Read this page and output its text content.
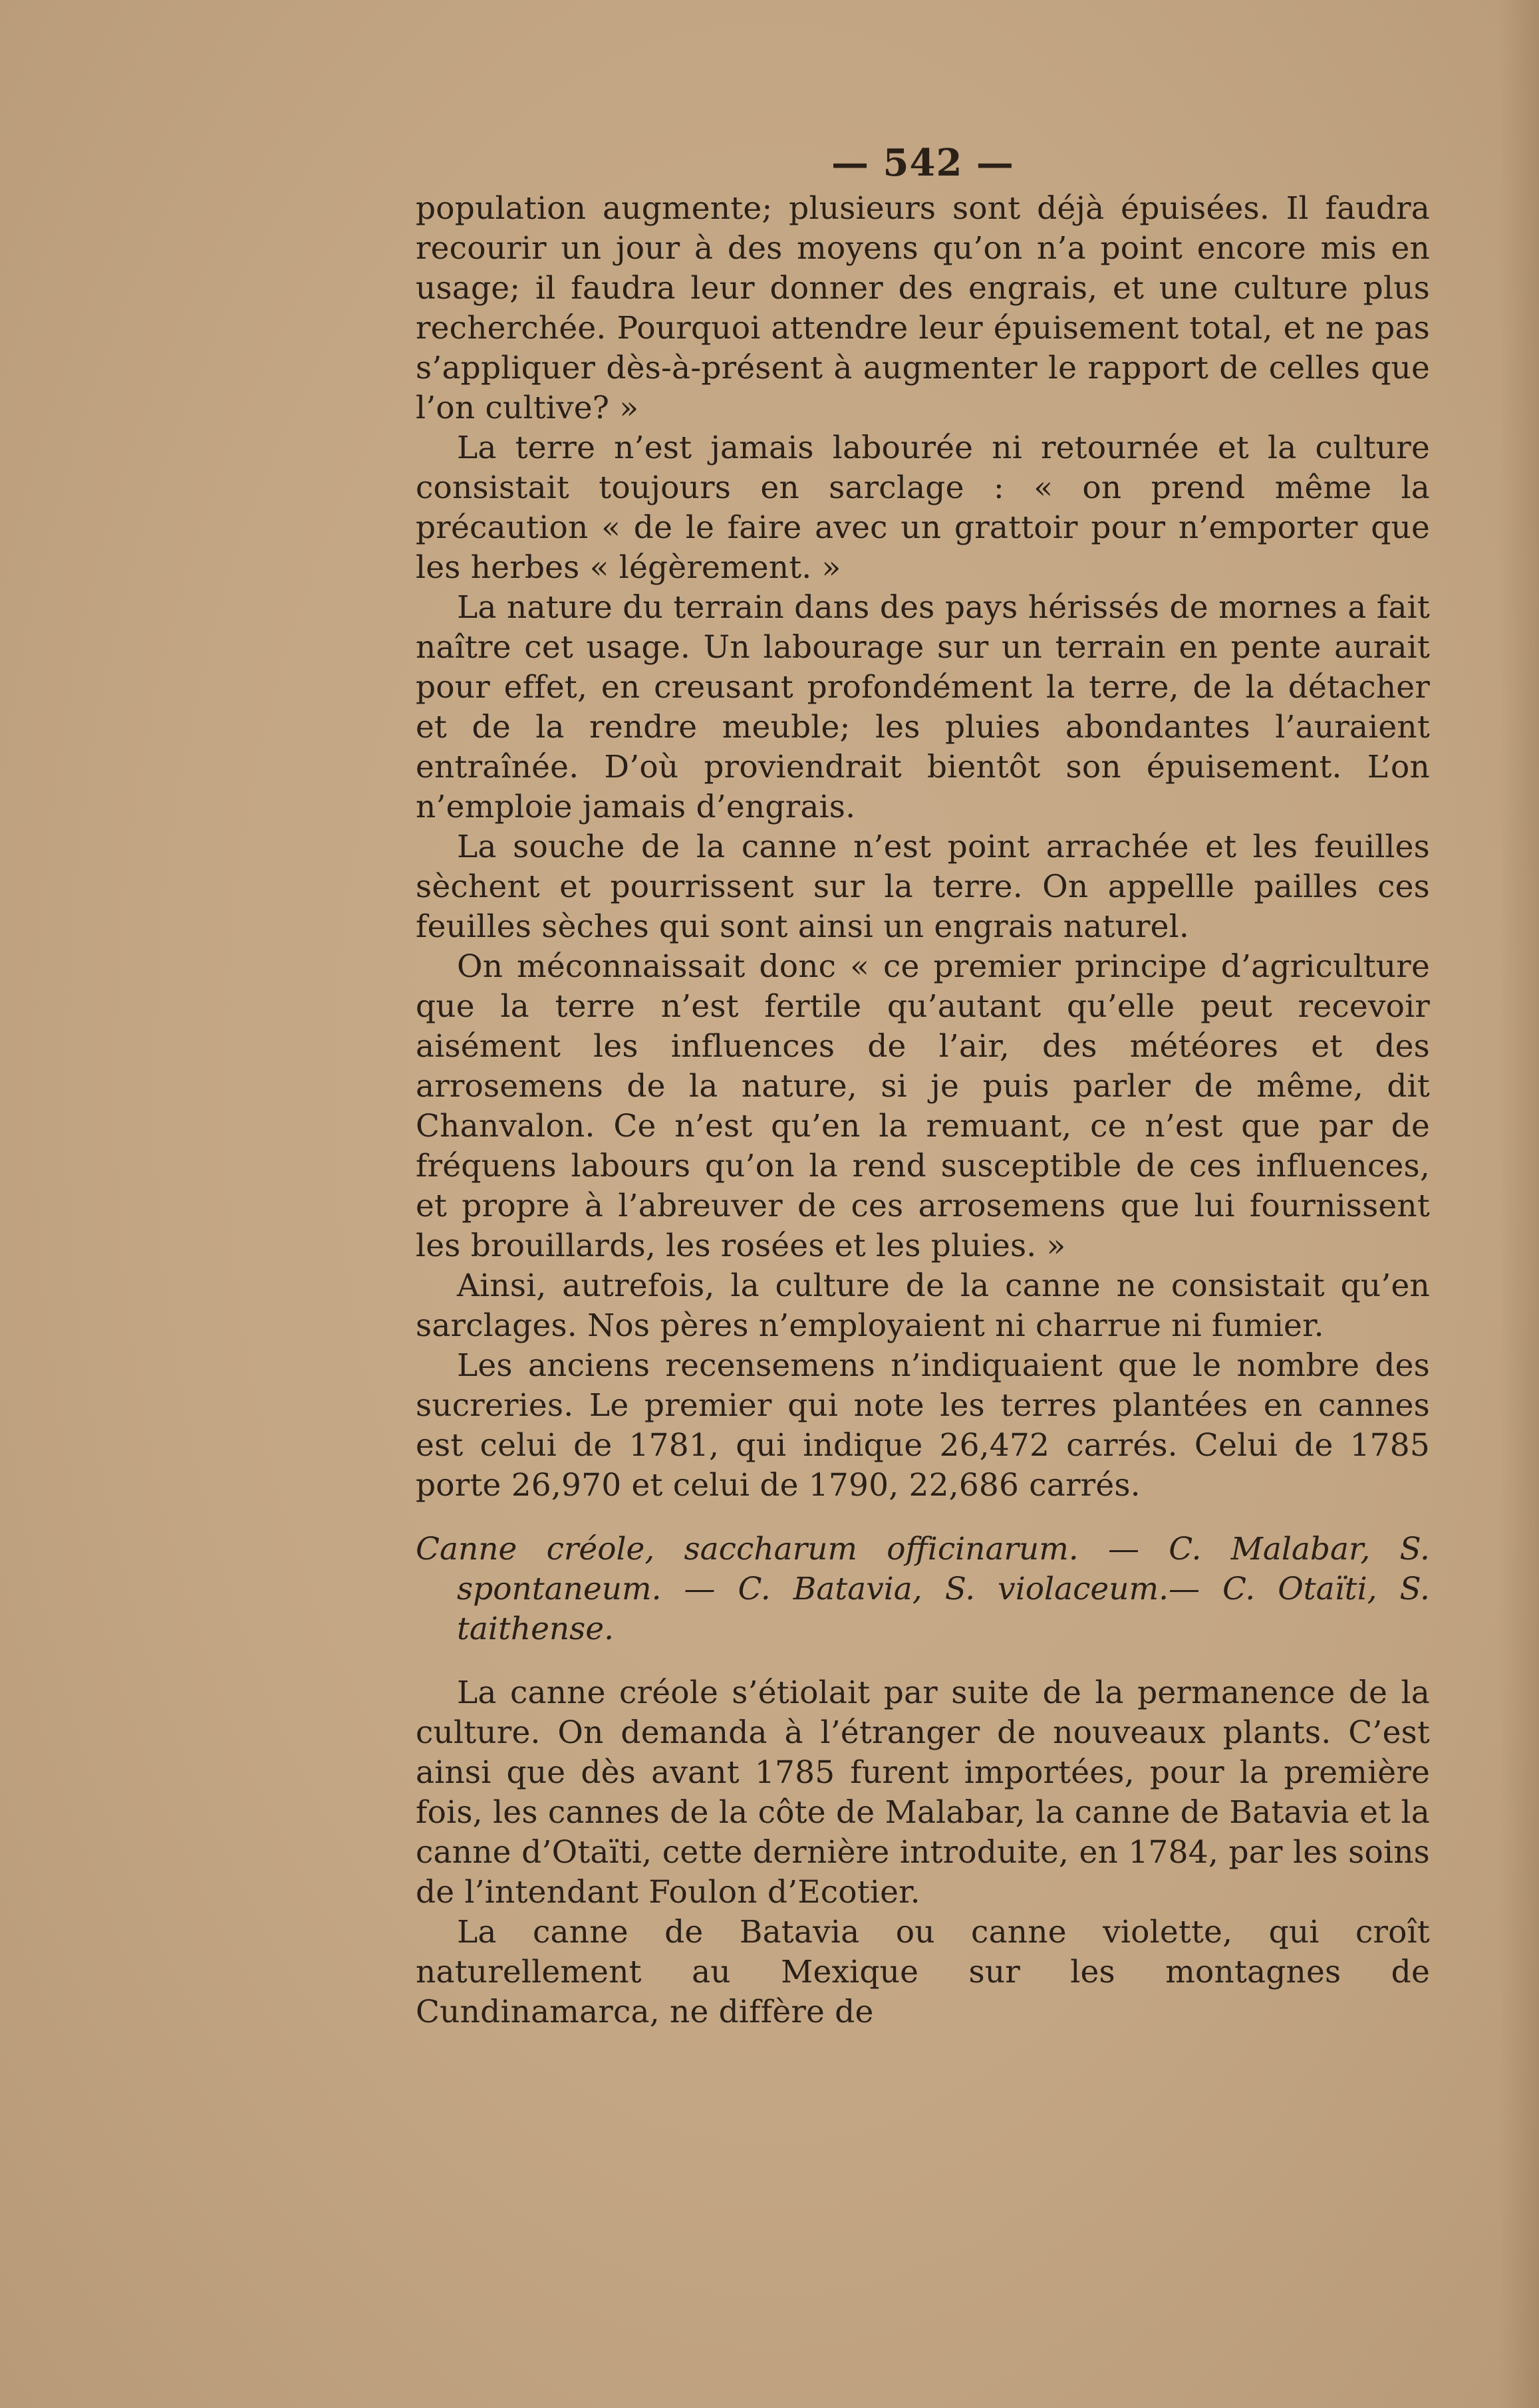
— 542 —

population augmente; plusieurs sont déjà épuisées. Il faudra recourir un jour à des moyens qu’on n’a point encore mis en usage; il faudra leur donner des engrais, et une culture plus recherchée. Pourquoi attendre leur épuisement total, et ne pas s’appliquer dès-à-présent à augmenter le rapport de celles que l’on cultive? »

La terre n’est jamais labourée ni retournée et la culture consistait toujours en sarclage : « on prend même la précaution « de le faire avec un grattoir pour n’emporter que les herbes « légèrement. »

La nature du terrain dans des pays hérissés de mornes a fait naître cet usage. Un labourage sur un terrain en pente aurait pour effet, en creusant profondément la terre, de la détacher et de la rendre meuble; les pluies abondantes l’auraient entraînée. D’où proviendrait bientôt son épuisement. L’on n’emploie jamais d’engrais.

La souche de la canne n’est point arrachée et les feuilles sèchent et pourrissent sur la terre. On appellle pailles ces feuilles sèches qui sont ainsi un engrais naturel.

On méconnaissait donc « ce premier principe d’agriculture que la terre n’est fertile qu’autant qu’elle peut recevoir aisément les influences de l’air, des météores et des arrosemens de la nature, si je puis parler de même, dit Chanvalon. Ce n’est qu’en la remuant, ce n’est que par de fréquens labours qu’on la rend susceptible de ces influences, et propre à l’abreuver de ces arrosemens que lui fournissent les brouillards, les rosées et les pluies. »

Ainsi, autrefois, la culture de la canne ne consistait qu’en sarclages. Nos pères n’employaient ni charrue ni fumier.

Les anciens recensemens n’indiquaient que le nombre des sucreries. Le premier qui note les terres plantées en cannes est celui de 1781, qui indique 26,472 carrés. Celui de 1785 porte 26,970 et celui de 1790, 22,686 carrés.

Canne créole, saccharum officinarum. — C. Malabar, S. spontaneum. — C. Batavia, S. violaceum.— C. Otaïti, S. taithense.

La canne créole s’étiolait par suite de la permanence de la culture. On demanda à l’étranger de nouveaux plants. C’est ainsi que dès avant 1785 furent importées, pour la première fois, les cannes de la côte de Malabar, la canne de Batavia et la canne d’Otaïti, cette dernière introduite, en 1784, par les soins de l’intendant Foulon d’Ecotier.

La canne de Batavia ou canne violette, qui croît naturellement au Mexique sur les montagnes de Cundinamarca, ne diffère de
